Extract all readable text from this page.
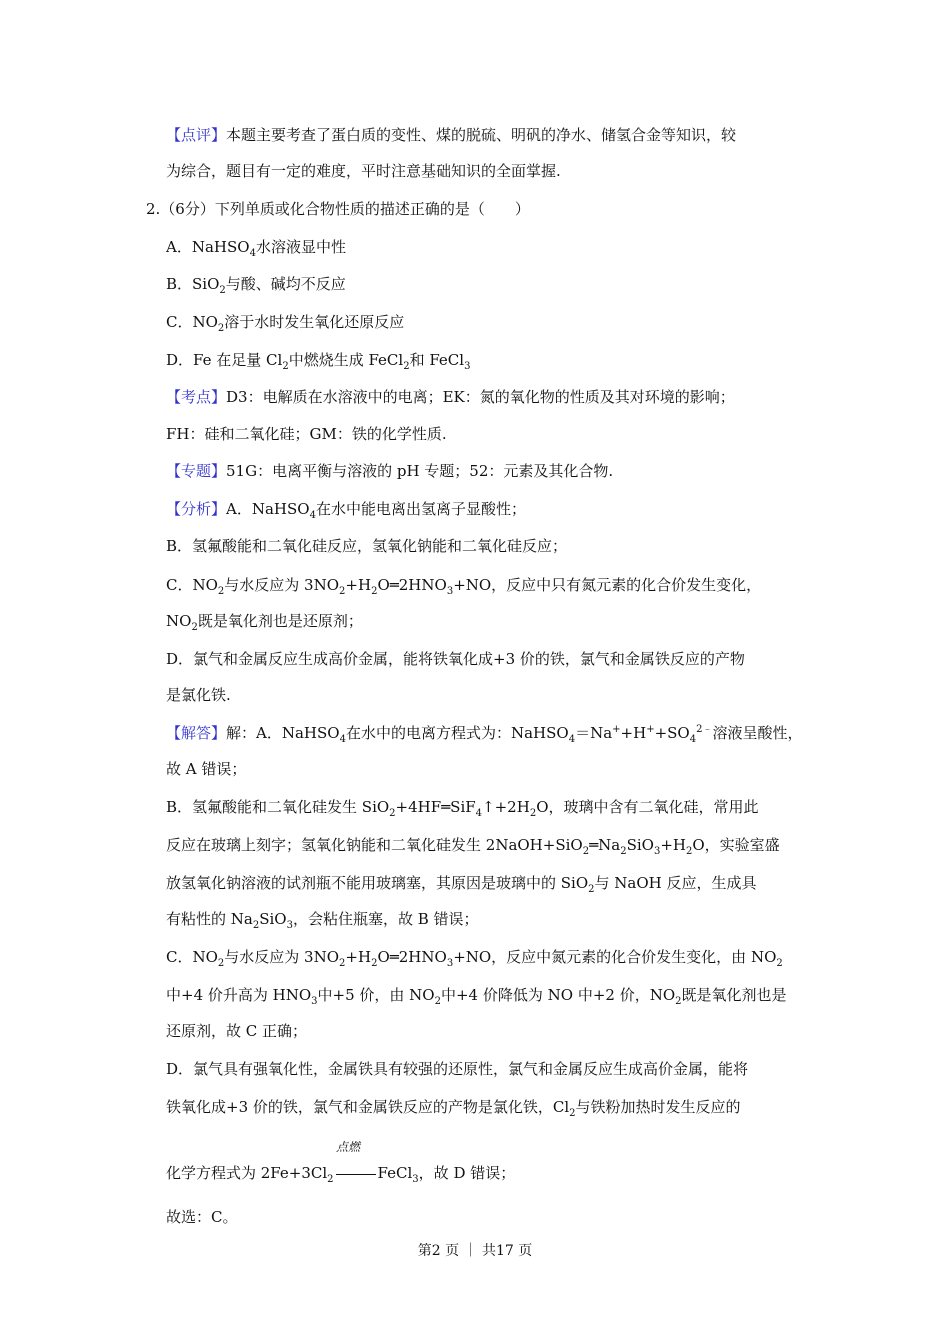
【点评】本题主要考查了蛋白质的变性、煤的脱硫、明矾的净水、储氢合金等知识，较
为综合，题目有一定的难度，平时注意基础知识的全面掌握.
2.（6分）下列单质或化合物性质的描述正确的是（　　）
A．NaHSO$_4$水溶液显中性
B．SiO$_2$与酸、碱均不反应
C．$NO_2$溶于水时发生氧化还原反应
D．Fe 在足量 $Cl_2$中燃烧生成 FeCl$_2$和 FeCl$_3$
【考点】D3：电解质在水溶液中的电离；EK：氮的氧化物的性质及其对环境的影响；
FH：硅和二氧化硅；GM：铁的化学性质.
【专题】51G：电离平衡与溶液的 pH 专题；52：元素及其化合物.
【分析】A．NaHSO$_4$在水中能电离出氢离子显酸性；
B．氢氟酸能和二氧化硅反应，氢氧化钠能和二氧化硅反应；
C．$NO_2$与水反应为 $3NO_2+H_2O═2HNO_3+NO$，反应中只有氮元素的化合价发生变化，
$NO_2$既是氧化剂也是还原剂；
D．氯气和金属反应生成高价金属，能将铁氧化成+3 价的铁，氯气和金属铁反应的产物
是氯化铁.
【解答】解：A．NaHSO$_4$在水中的电离方程式为：$NaHSO_4=Na^++H^++SO_4^{2﹣}$溶液呈酸性，
故 A 错误；
B．氢氟酸能和二氧化硅发生 $SiO_2+4HF═SiF_4↑+2H_2O$，玻璃中含有二氧化硅，常用此
反应在玻璃上刻字；氢氧化钠能和二氧化硅发生 $2NaOH+SiO_2═Na_2SiO_3+H_2O$，实验室盛
放氢氧化钠溶液的试剂瓶不能用玻璃塞，其原因是玻璃中的 SiO$_2$与 NaOH 反应，生成具
有粘性的 $Na_2SiO_3$，会粘住瓶塞，故 B 错误；
C．$NO_2$与水反应为 $3NO_2+H_2O═2HNO_3+NO$，反应中氮元素的化合价发生变化，由 $NO_2$
中+4 价升高为 $HNO_3$中+5 价，由 $NO_2$中+4 价降低为 NO 中+2 价，$NO_2$既是氧化剂也是
还原剂，故 C 正确；
D．氯气具有强氧化性，金属铁具有较强的还原性，氯气和金属反应生成高价金属，能将
铁氧化成+3 价的铁，氯气和金属铁反应的产物是氯化铁，$Cl_2$与铁粉加热时发生反应的
点燃
化学方程式为 $2Fe+3Cl_2$	FeCl$_3$，故 D 错误；
故选：C。
第2 页 ｜ 共17 页
